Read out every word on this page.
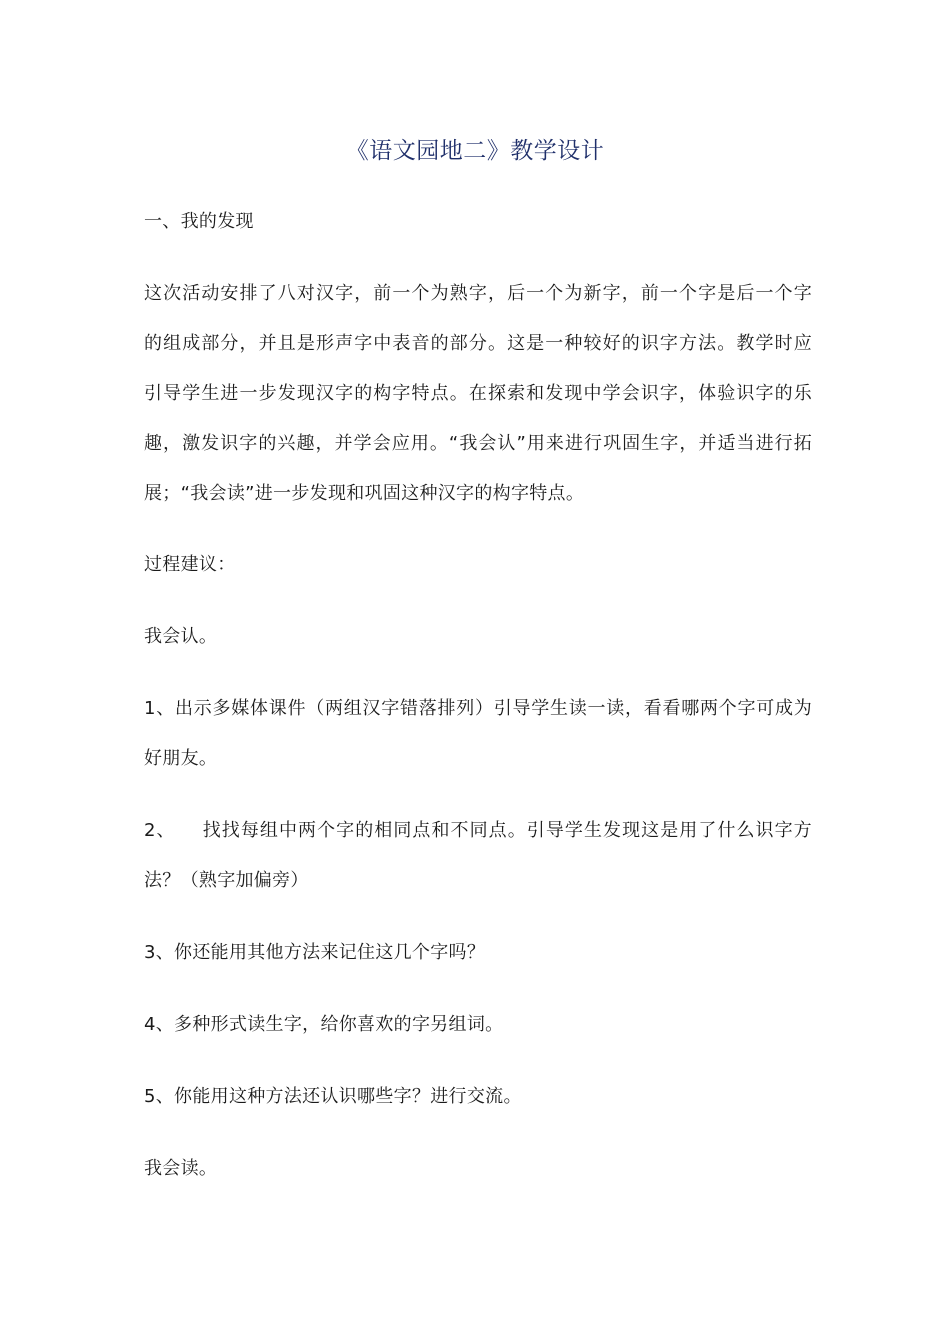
《语文园地二》教学设计
一、我的发现
这次活动安排了八对汉字，前一个为熟字，后一个为新字，前一个字是后一个字
的组成部分，并且是形声字中表音的部分。这是一种较好的识字方法。教学时应
引导学生进一步发现汉字的构字特点。在探索和发现中学会识字，体验识字的乐
趣，激发识字的兴趣，并学会应用。“我会认”用来进行巩固生字，并适当进行拓
展；“我会读”进一步发现和巩固这种汉字的构字特点。
过程建议：
我会认。
1、出示多媒体课件（两组汉字错落排列）引导学生读一读，看看哪两个字可成为
好朋友。
2、    找找每组中两个字的相同点和不同点。引导学生发现这是用了什么识字方
法？（熟字加偏旁）
3、你还能用其他方法来记住这几个字吗？
4、多种形式读生字，给你喜欢的字另组词。
5、你能用这种方法还认识哪些字？进行交流。
我会读。
